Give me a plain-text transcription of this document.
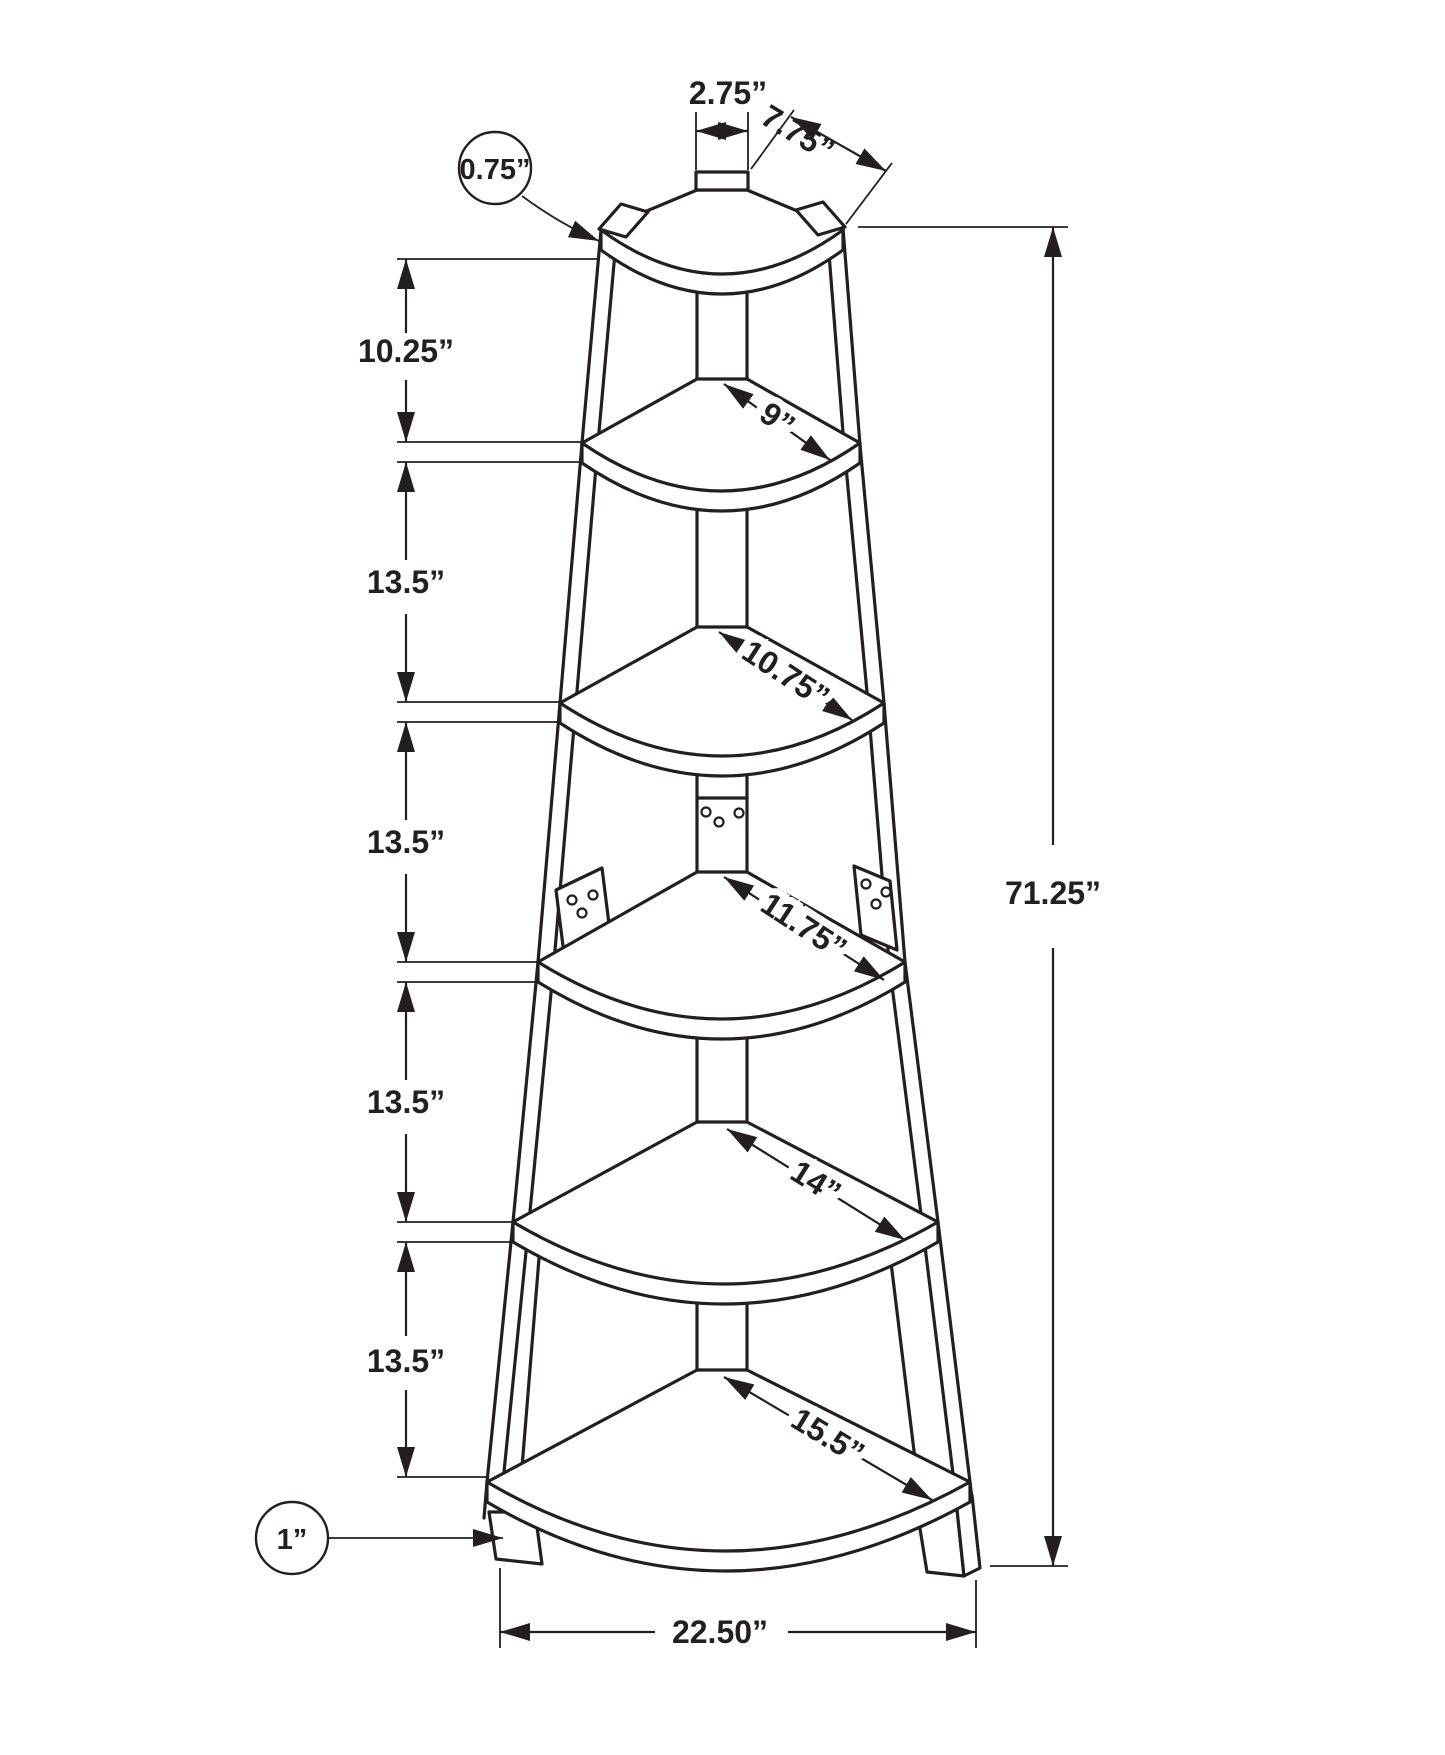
2.75”
7.75”
0.75”
10.25”
13.5”
13.5”
13.5”
13.5”
9”
10.75”
11.75”
14”
15.5”
71.25”
22.50”
1”
